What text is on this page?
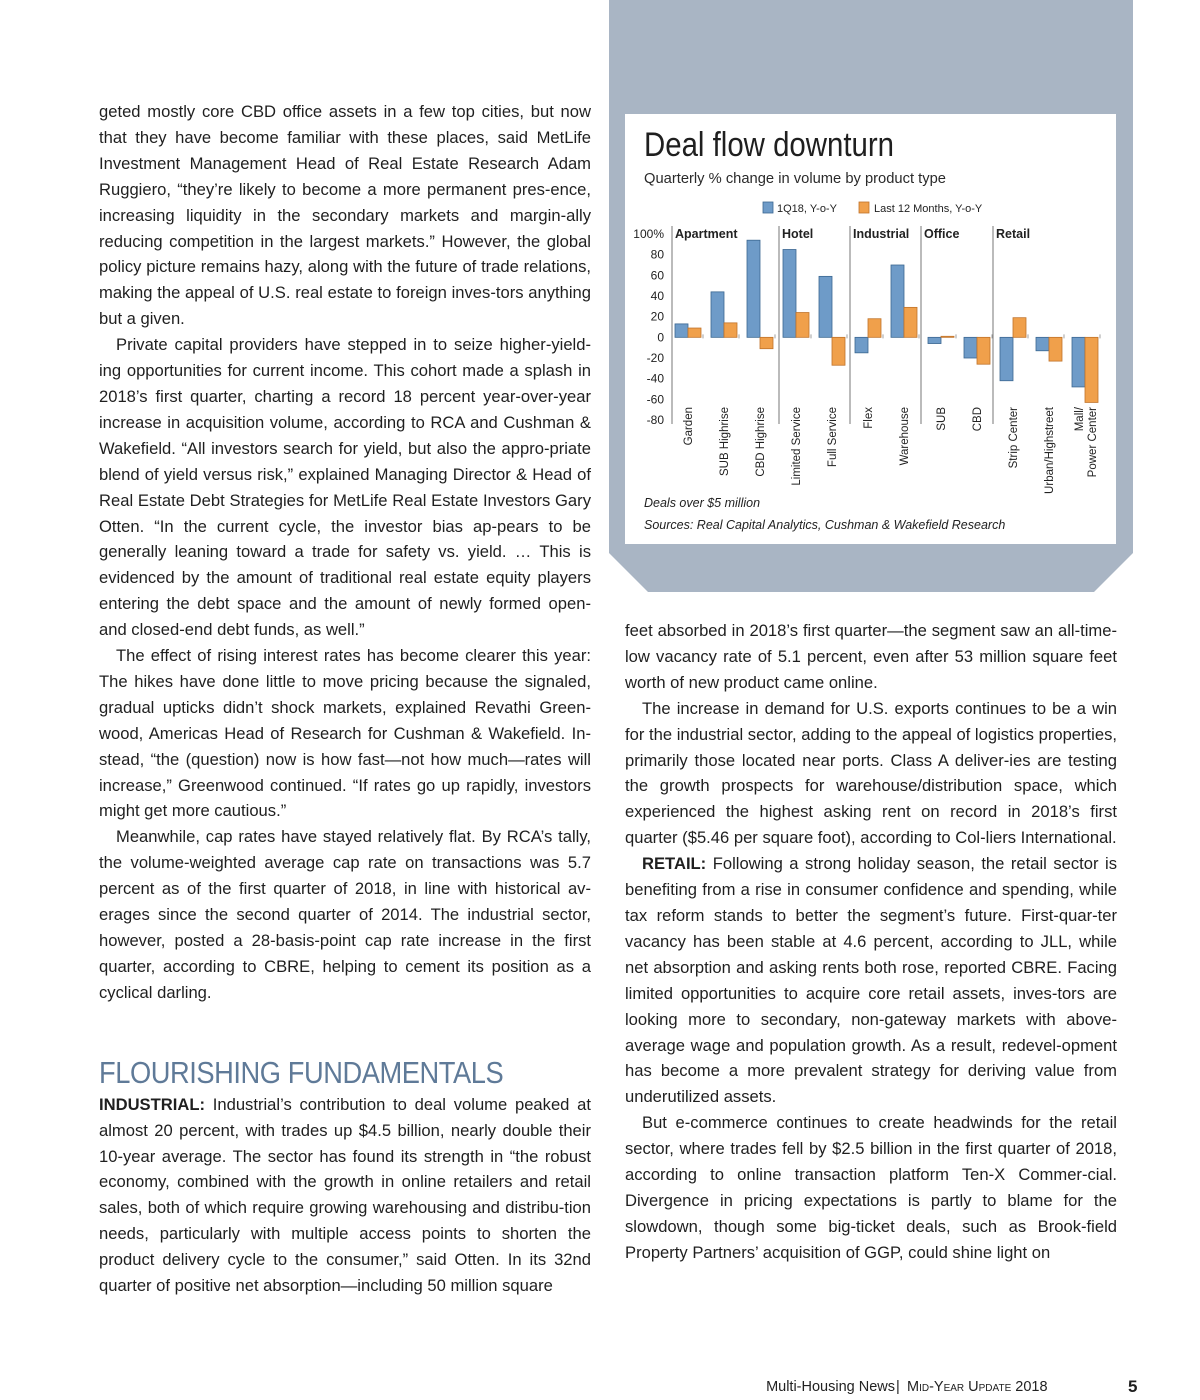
geted mostly core CBD office assets in a few top cities, but now that they have become familiar with these places, said MetLife Investment Management Head of Real Estate Research Adam Ruggiero, “they’re likely to become a more permanent pres-ence, increasing liquidity in the secondary markets and margin-ally reducing competition in the largest markets.” However, the global policy picture remains hazy, along with the future of trade relations, making the appeal of U.S. real estate to foreign inves-tors anything but a given.

Private capital providers have stepped in to seize higher-yield-ing opportunities for current income. This cohort made a splash in 2018’s first quarter, charting a record 18 percent year-over-year increase in acquisition volume, according to RCA and Cushman & Wakefield. “All investors search for yield, but also the appro-priate blend of yield versus risk,” explained Managing Director & Head of Real Estate Debt Strategies for MetLife Real Estate Investors Gary Otten. “In the current cycle, the investor bias ap-pears to be generally leaning toward a trade for safety vs. yield. … This is evidenced by the amount of traditional real estate equity players entering the debt space and the amount of newly formed open- and closed-end debt funds, as well.”

The effect of rising interest rates has become clearer this year: The hikes have done little to move pricing because the signaled, gradual upticks didn’t shock markets, explained Revathi Green-wood, Americas Head of Research for Cushman & Wakefield. In-stead, “the (question) now is how fast—not how much—rates will increase,” Greenwood continued. “If rates go up rapidly, investors might get more cautious.”

Meanwhile, cap rates have stayed relatively flat. By RCA’s tally, the volume-weighted average cap rate on transactions was 5.7 percent as of the first quarter of 2018, in line with historical av-erages since the second quarter of 2014. The industrial sector, however, posted a 28-basis-point cap rate increase in the first quarter, according to CBRE, helping to cement its position as a cyclical darling.

FLOURISHING FUNDAMENTALS

INDUSTRIAL: Industrial’s contribution to deal volume peaked at almost 20 percent, with trades up $4.5 billion, nearly double their 10-year average. The sector has found its strength in “the robust economy, combined with the growth in online retailers and retail sales, both of which require growing warehousing and distribu-tion needs, particularly with multiple access points to shorten the product delivery cycle to the consumer,” said Otten. In its 32nd quarter of positive net absorption—including 50 million square

Deal flow downturn
Quarterly % change in volume by product type
1Q18, Y-o-Y	Last 12 Months, Y-o-Y
100%
80
60
40
20
0
-20
-40
-60
-80
Apartment	Hotel	Industrial Office	Retail
Garden SUB Highrise CBD Highrise Limited Service Full Service Flex Warehouse SUB CBD Strip Center Urban/Highstreet Mall/ Power Center
Deals over $5 million
Sources: Real Capital Analytics, Cushman & Wakefield Research

feet absorbed in 2018’s first quarter—the segment saw an all-time-low vacancy rate of 5.1 percent, even after 53 million square feet worth of new product came online.

The increase in demand for U.S. exports continues to be a win for the industrial sector, adding to the appeal of logistics properties, primarily those located near ports. Class A deliver-ies are testing the growth prospects for warehouse/distribution space, which experienced the highest asking rent on record in 2018’s first quarter ($5.46 per square foot), according to Col-liers International.

RETAIL: Following a strong holiday season, the retail sector is benefiting from a rise in consumer confidence and spending, while tax reform stands to better the segment’s future. First-quar-ter vacancy has been stable at 4.6 percent, according to JLL, while net absorption and asking rents both rose, reported CBRE. Facing limited opportunities to acquire core retail assets, inves-tors are looking more to secondary, non-gateway markets with above-average wage and population growth. As a result, redevel-opment has become a more prevalent strategy for deriving value from underutilized assets.

But e-commerce continues to create headwinds for the retail sector, where trades fell by $2.5 billion in the first quarter of 2018, according to online transaction platform Ten-X Commer-cial. Divergence in pricing expectations is partly to blame for the slowdown, though some big-ticket deals, such as Brook-field Property Partners’ acquisition of GGP, could shine light on

Multi-Housing News | Mid-Year Update 2018	5
